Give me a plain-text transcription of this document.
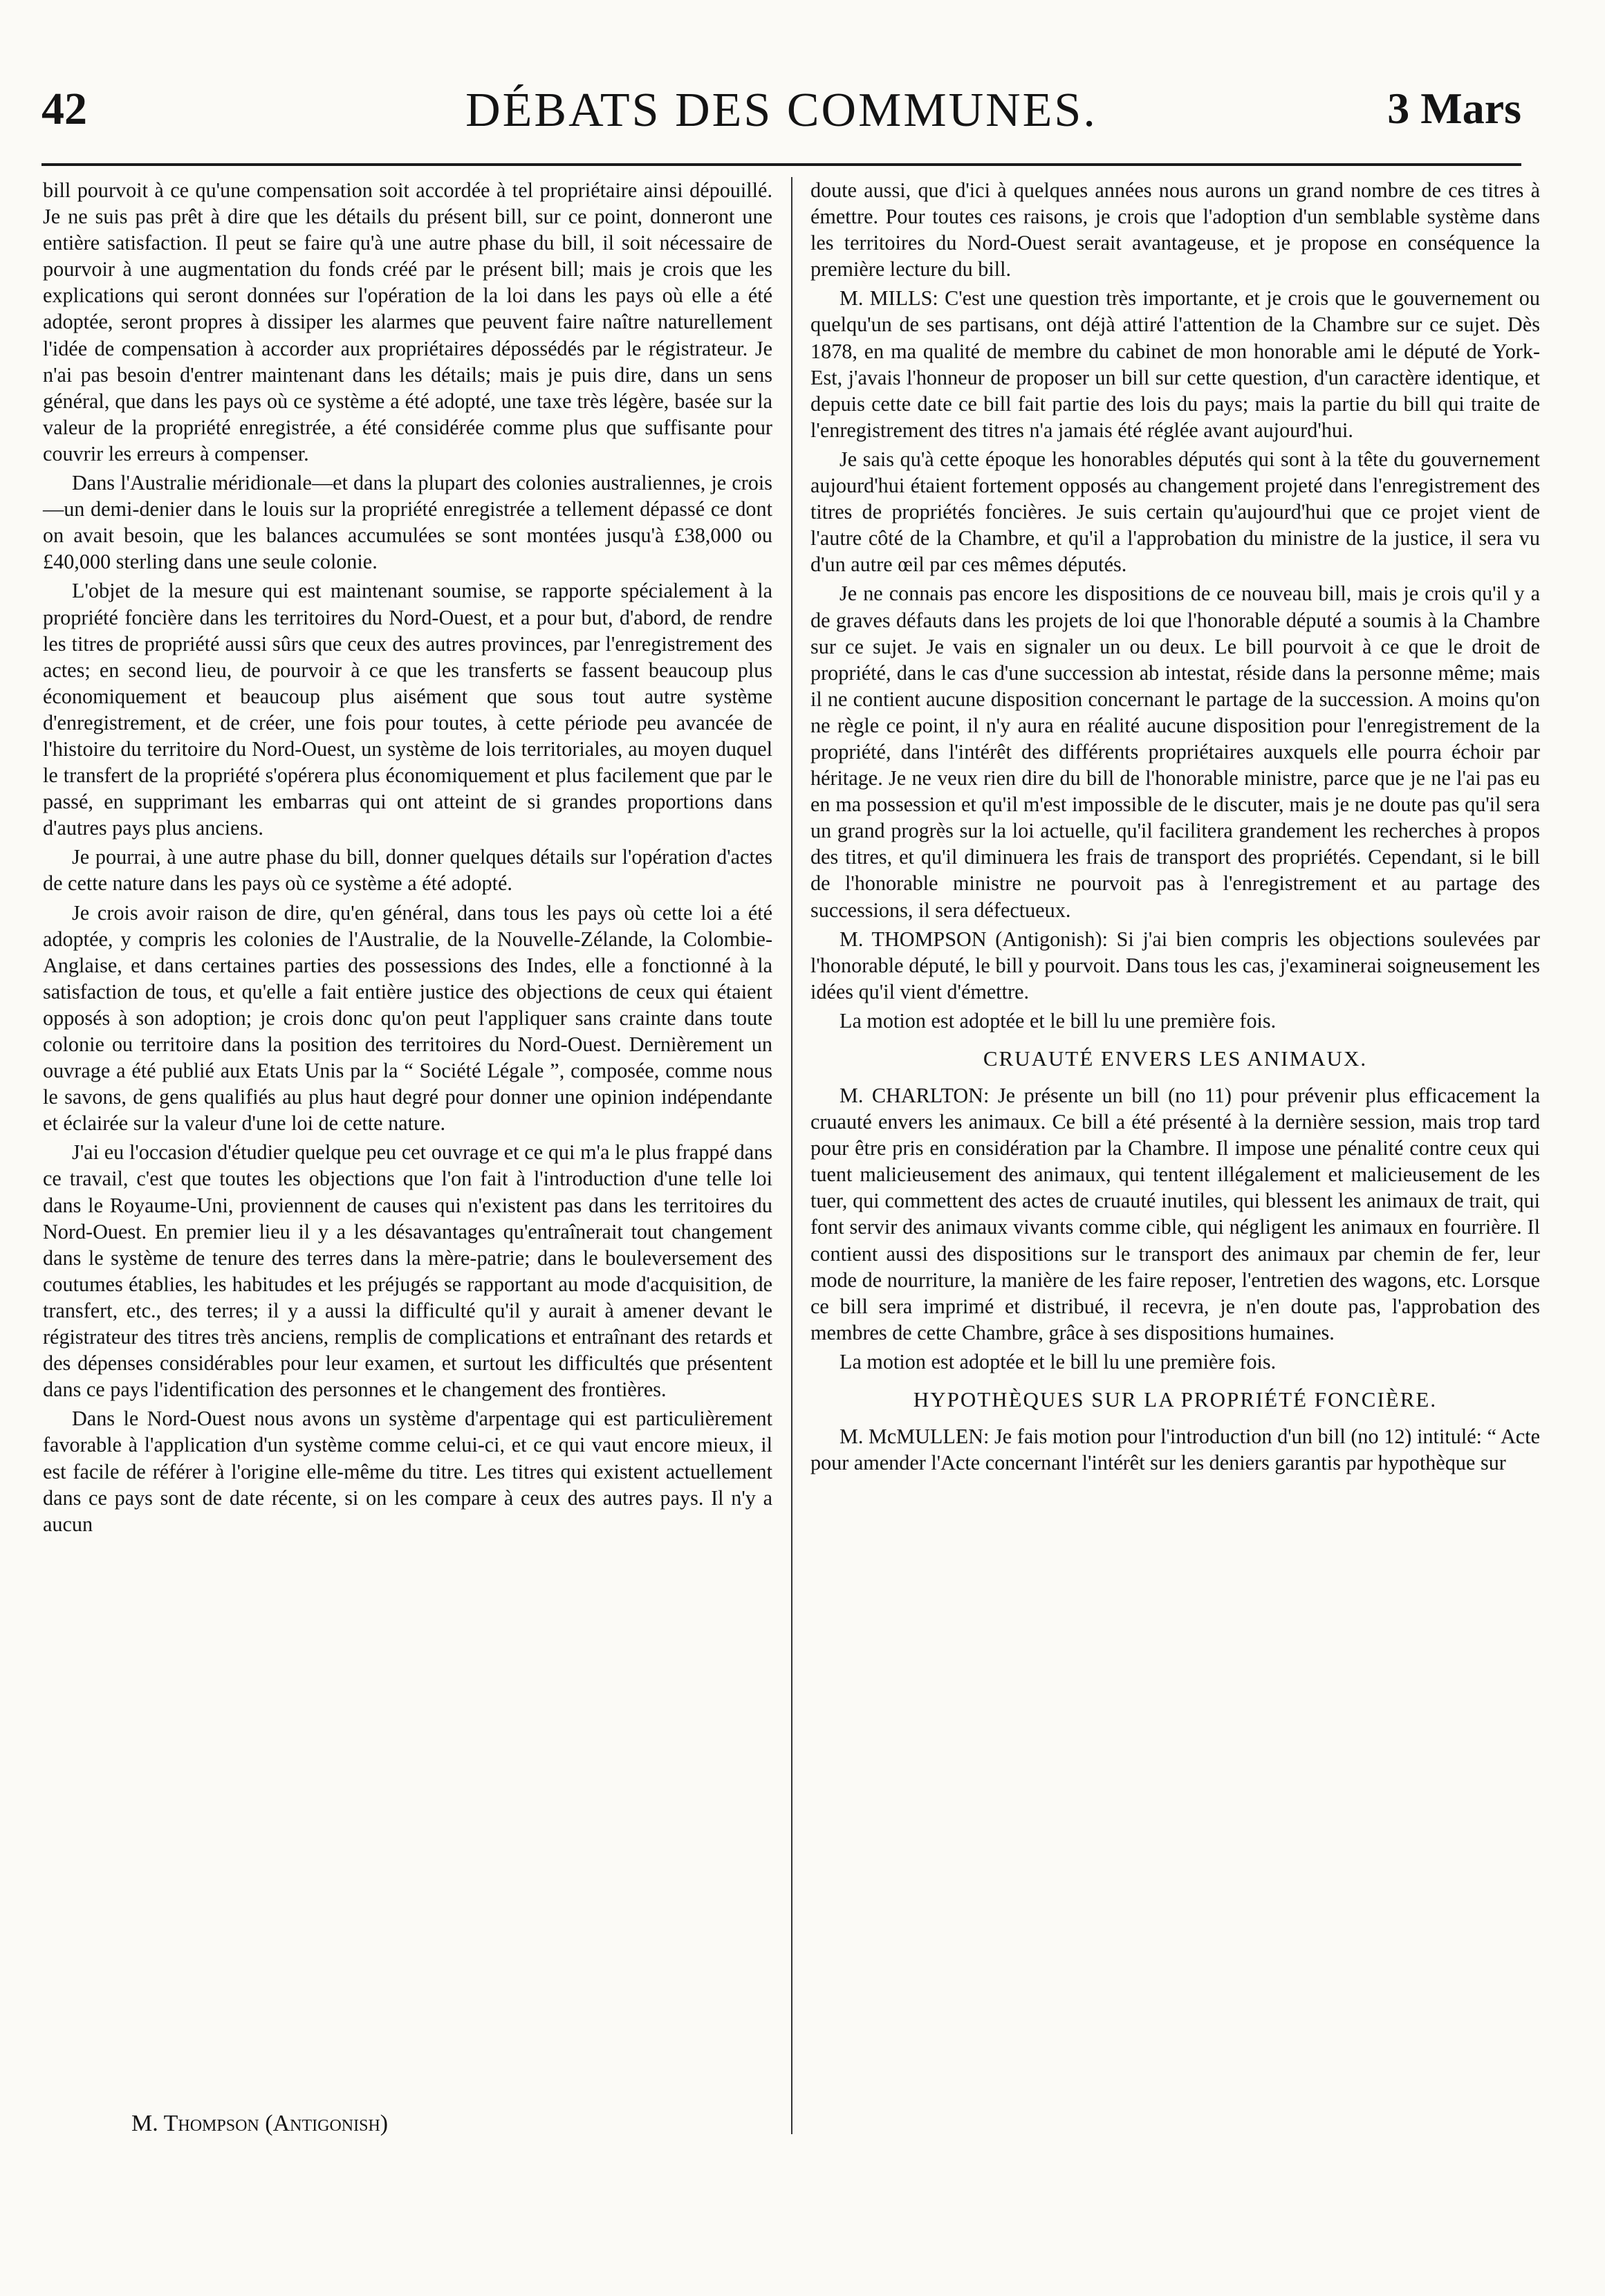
42	DÉBATS DES COMMUNES.	3 Mars

bill pourvoit à ce qu'une compensation soit accordée à tel propriétaire ainsi dépouillé. Je ne suis pas prêt à dire que les détails du présent bill, sur ce point, donneront une entière satisfaction. Il peut se faire qu'à une autre phase du bill, il soit nécessaire de pourvoir à une augmentation du fonds créé par le présent bill; mais je crois que les explications qui seront données sur l'opération de la loi dans les pays où elle a été adoptée, seront propres à dissiper les alarmes que peuvent faire naître naturellement l'idée de compensation à accorder aux propriétaires dépossédés par le régistrateur. Je n'ai pas besoin d'entrer maintenant dans les détails; mais je puis dire, dans un sens général, que dans les pays où ce système a été adopté, une taxe très légère, basée sur la valeur de la propriété enregistrée, a été considérée comme plus que suffisante pour couvrir les erreurs à compenser.

Dans l'Australie méridionale—et dans la plupart des colonies australiennes, je crois—un demi-denier dans le louis sur la propriété enregistrée a tellement dépassé ce dont on avait besoin, que les balances accumulées se sont montées jusqu'à £38,000 ou £40,000 sterling dans une seule colonie.

L'objet de la mesure qui est maintenant soumise, se rapporte spécialement à la propriété foncière dans les territoires du Nord-Ouest, et a pour but, d'abord, de rendre les titres de propriété aussi sûrs que ceux des autres provinces, par l'enregistrement des actes; en second lieu, de pourvoir à ce que les transferts se fassent beaucoup plus économiquement et beaucoup plus aisément que sous tout autre système d'enregistrement, et de créer, une fois pour toutes, à cette période peu avancée de l'histoire du territoire du Nord-Ouest, un système de lois territoriales, au moyen duquel le transfert de la propriété s'opérera plus économiquement et plus facilement que par le passé, en supprimant les embarras qui ont atteint de si grandes proportions dans d'autres pays plus anciens.

Je pourrai, à une autre phase du bill, donner quelques détails sur l'opération d'actes de cette nature dans les pays où ce système a été adopté.

Je crois avoir raison de dire, qu'en général, dans tous les pays où cette loi a été adoptée, y compris les colonies de l'Australie, de la Nouvelle-Zélande, la Colombie-Anglaise, et dans certaines parties des possessions des Indes, elle a fonctionné à la satisfaction de tous, et qu'elle a fait entière justice des objections de ceux qui étaient opposés à son adoption; je crois donc qu'on peut l'appliquer sans crainte dans toute colonie ou territoire dans la position des territoires du Nord-Ouest. Dernièrement un ouvrage a été publié aux Etats Unis par la “ Société Légale ”, composée, comme nous le savons, de gens qualifiés au plus haut degré pour donner une opinion indépendante et éclairée sur la valeur d'une loi de cette nature.

J'ai eu l'occasion d'étudier quelque peu cet ouvrage et ce qui m'a le plus frappé dans ce travail, c'est que toutes les objections que l'on fait à l'introduction d'une telle loi dans le Royaume-Uni, proviennent de causes qui n'existent pas dans les territoires du Nord-Ouest. En premier lieu il y a les désavantages qu'entraînerait tout changement dans le système de tenure des terres dans la mère-patrie; dans le bouleversement des coutumes établies, les habitudes et les préjugés se rapportant au mode d'acquisition, de transfert, etc., des terres; il y a aussi la difficulté qu'il y aurait à amener devant le régistrateur des titres très anciens, remplis de complications et entraînant des retards et des dépenses considérables pour leur examen, et surtout les difficultés que présentent dans ce pays l'identification des personnes et le changement des frontières.

Dans le Nord-Ouest nous avons un système d'arpentage qui est particulièrement favorable à l'application d'un système comme celui-ci, et ce qui vaut encore mieux, il est facile de référer à l'origine elle-même du titre. Les titres qui existent actuellement dans ce pays sont de date récente, si on les compare à ceux des autres pays. Il n'y a aucun

doute aussi, que d'ici à quelques années nous aurons un grand nombre de ces titres à émettre. Pour toutes ces raisons, je crois que l'adoption d'un semblable système dans les territoires du Nord-Ouest serait avantageuse, et je propose en conséquence la première lecture du bill.

M. MILLS: C'est une question très importante, et je crois que le gouvernement ou quelqu'un de ses partisans, ont déjà attiré l'attention de la Chambre sur ce sujet. Dès 1878, en ma qualité de membre du cabinet de mon honorable ami le député de York-Est, j'avais l'honneur de proposer un bill sur cette question, d'un caractère identique, et depuis cette date ce bill fait partie des lois du pays; mais la partie du bill qui traite de l'enregistrement des titres n'a jamais été réglée avant aujourd'hui.

Je sais qu'à cette époque les honorables députés qui sont à la tête du gouvernement aujourd'hui étaient fortement opposés au changement projeté dans l'enregistrement des titres de propriétés foncières. Je suis certain qu'aujourd'hui que ce projet vient de l'autre côté de la Chambre, et qu'il a l'approbation du ministre de la justice, il sera vu d'un autre œil par ces mêmes députés.

Je ne connais pas encore les dispositions de ce nouveau bill, mais je crois qu'il y a de graves défauts dans les projets de loi que l'honorable député a soumis à la Chambre sur ce sujet. Je vais en signaler un ou deux. Le bill pourvoit à ce que le droit de propriété, dans le cas d'une succession ab intestat, réside dans la personne même; mais il ne contient aucune disposition concernant le partage de la succession. A moins qu'on ne règle ce point, il n'y aura en réalité aucune disposition pour l'enregistrement de la propriété, dans l'intérêt des différents propriétaires auxquels elle pourra échoir par héritage. Je ne veux rien dire du bill de l'honorable ministre, parce que je ne l'ai pas eu en ma possession et qu'il m'est impossible de le discuter, mais je ne doute pas qu'il sera un grand progrès sur la loi actuelle, qu'il facilitera grandement les recherches à propos des titres, et qu'il diminuera les frais de transport des propriétés. Cependant, si le bill de l'honorable ministre ne pourvoit pas à l'enregistrement et au partage des successions, il sera défectueux.

M. THOMPSON (Antigonish): Si j'ai bien compris les objections soulevées par l'honorable député, le bill y pourvoit. Dans tous les cas, j'examinerai soigneusement les idées qu'il vient d'émettre.

La motion est adoptée et le bill lu une première fois.

CRUAUTÉ ENVERS LES ANIMAUX.

M. CHARLTON: Je présente un bill (no 11) pour prévenir plus efficacement la cruauté envers les animaux. Ce bill a été présenté à la dernière session, mais trop tard pour être pris en considération par la Chambre. Il impose une pénalité contre ceux qui tuent malicieusement des animaux, qui tentent illégalement et malicieusement de les tuer, qui commettent des actes de cruauté inutiles, qui blessent les animaux de trait, qui font servir des animaux vivants comme cible, qui négligent les animaux en fourrière. Il contient aussi des dispositions sur le transport des animaux par chemin de fer, leur mode de nourriture, la manière de les faire reposer, l'entretien des wagons, etc. Lorsque ce bill sera imprimé et distribué, il recevra, je n'en doute pas, l'approbation des membres de cette Chambre, grâce à ses dispositions humaines.

La motion est adoptée et le bill lu une première fois.

HYPOTHÈQUES SUR LA PROPRIÉTÉ FONCIÈRE.

M. McMULLEN: Je fais motion pour l'introduction d'un bill (no 12) intitulé: “ Acte pour amender l'Acte concernant l'intérêt sur les deniers garantis par hypothèque sur

M. Thompson (Antigonish)
